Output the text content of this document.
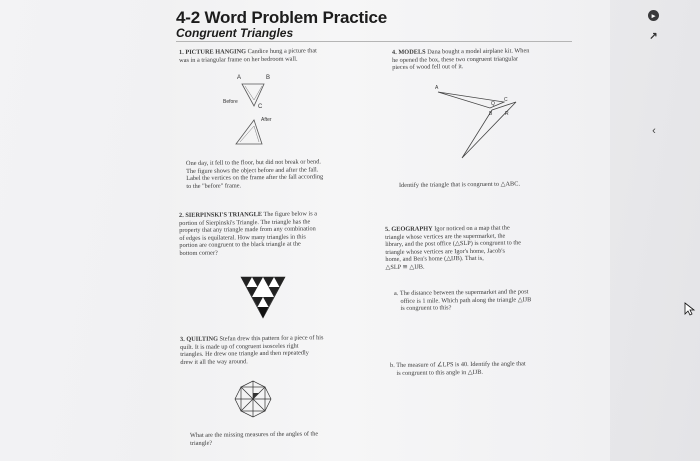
4-2 Word Problem Practice
Congruent Triangles
1. PICTURE HANGING Candice hung a picture that
was in a triangular frame on her bedroom wall.
A	B
C
Before
After
One day, it fell to the floor, but did not break or bend.
The figure shows the object before and after the fall.
Label the vertices on the frame after the fall according
to the "before" frame.
2. SIERPINSKI'S TRIANGLE The figure below is a
portion of Sierpinski's Triangle. The triangle has the
property that any triangle made from any combination
of edges is equilateral. How many triangles in this
portion are congruent to the black triangle at the
bottom corner?
3. QUILTING Stefan drew this pattern for a piece of his
quilt. It is made up of congruent isosceles right
triangles. He drew one triangle and then repeatedly
drew it all the way around.
What are the missing measures of the angles of the
triangle?
4. MODELS Dana bought a model airplane kit. When
he opened the box, these two congruent triangular
pieces of wood fell out of it.
A
B
C
Q
R
Identify the triangle that is congruent to △ABC.
5. GEOGRAPHY Igor noticed on a map that the
triangle whose vertices are the supermarket, the
library, and the post office (△SLP) is congruent to the
triangle whose vertices are Igor's home, Jacob's
home, and Ben's home (△IJB). That is,
△SLP ≅ △IJB.
a. The distance between the supermarket and the post
office is 1 mile. Which path along the triangle △IJB
is congruent to this?
b. The measure of ∠LPS is 40. Identify the angle that
is congruent to this angle in △IJB.
▸
↗
‹
